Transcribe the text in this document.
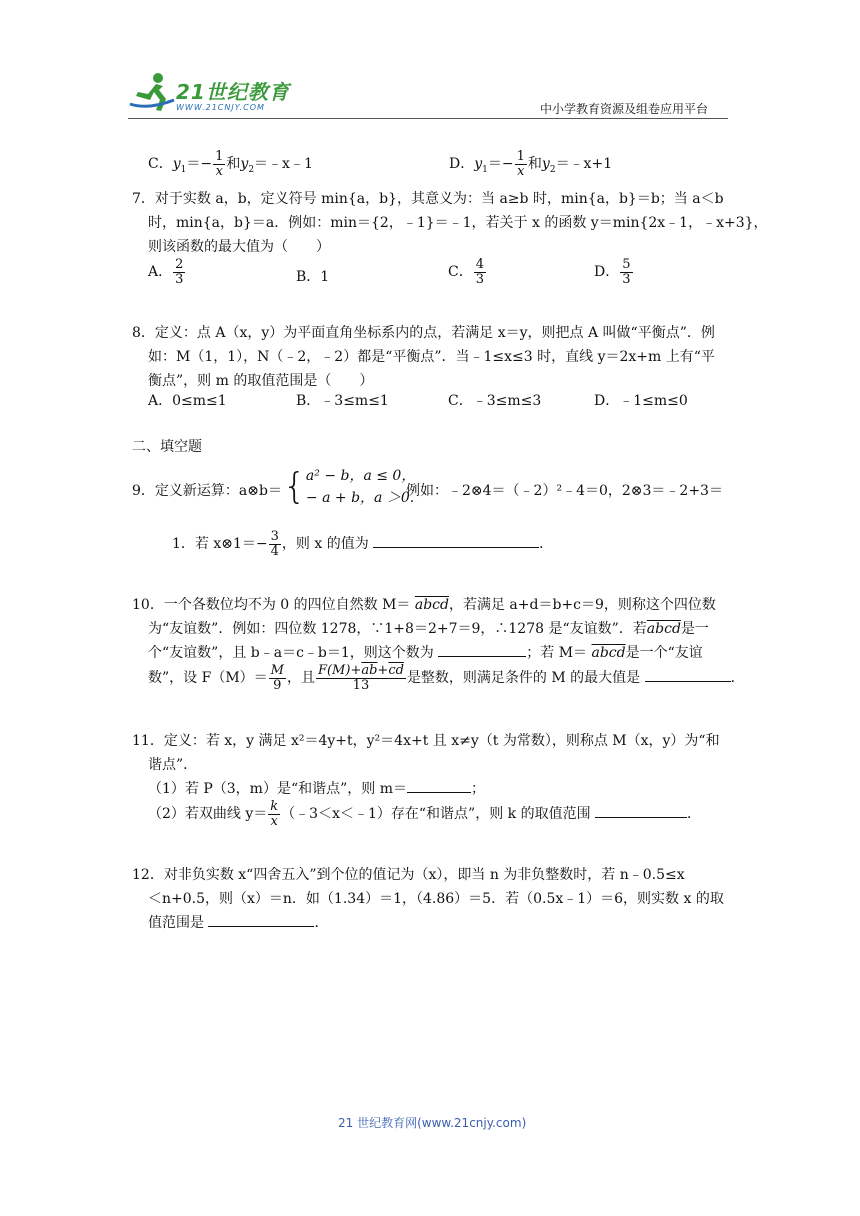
21世纪教育
WWW.21CNJY.COM	中小学教育资源及组卷应用平台
C．$y_1=- \frac{1}{x}$ 和$y_2=﹣x﹣1$	D．$y_1=- \frac{1}{x}$ 和$y_2=﹣x+1$
7．对于实数 a，b，定义符号 min{a，b}，其意义为：当 a≥b 时，min{a，b}＝b；当 a＜b
时，min{a，b}＝a．例如：min＝{2，﹣1}＝﹣1，若关于 x 的函数 y＝min{2x﹣1，﹣x+3}，
则该函数的最大值为（　　）
A． $\frac{2}{3}$	B．1	C． $\frac{4}{3}$	D． $\frac{5}{3}$
8．定义：点 A（x，y）为平面直角坐标系内的点，若满足 x＝y，则把点 A 叫做“平衡点”．例
如：M（1，1），N（﹣2，﹣2）都是“平衡点”．当﹣1≤x≤3 时，直线 y＝2x+m 上有“平
衡点”，则 m 的取值范围是（　　）
A．0≤m≤1	B．﹣3≤m≤1	C．﹣3≤m≤3	D．﹣1≤m≤0
二、填空题
9．定义新运算：a⊗b＝ { a² − b，a ≤ 0，
− a + b，a ＞0.
例如：﹣2⊗4＝（﹣2）²﹣4＝0，2⊗3＝﹣2+3＝
1．若 x⊗1＝− $\frac{3}{4}$ ，则 x 的值为	．
10．一个各数位均不为 0 的四位自然数 M＝ abcd，若满足 a+d＝b+c＝9，则称这个四位数
为“友谊数”．例如：四位数 1278，∵1+8＝2+7＝9，∴1278 是“友谊数”．若abcd是一
个“友谊数”，且 b﹣a＝c﹣b＝1，则这个数为	；若 M＝ abcd是一个“友谊
数”，设 $F(M)= \frac{M}{9}$ ，且 $\frac{F(M)+\overline{ab}+\overline{cd}}{13}$ 是整数，则满足条件的 M 的最大值是	．
11．定义：若 x，y 满足 x²＝4y+t，y²＝4x+t 且 x≠y（t 为常数），则称点 M（x，y）为“和
谐点”．
（1）若 P（3，m）是“和谐点”，则 m＝	；
（2）若双曲线 $y= \frac{k}{x}$ （﹣3＜x＜﹣1）存在“和谐点”，则 k 的取值范围	．
12．对非负实数 x“四舍五入”到个位的值记为（x），即当 n 为非负整数时，若 n﹣0.5≤x
＜n+0.5，则（x）＝n．如（1.34）＝1，（4.86）＝5．若（0.5x﹣1）＝6，则实数 x 的取
值范围是	．
21 世纪教育网(www.21cnjy.com)
